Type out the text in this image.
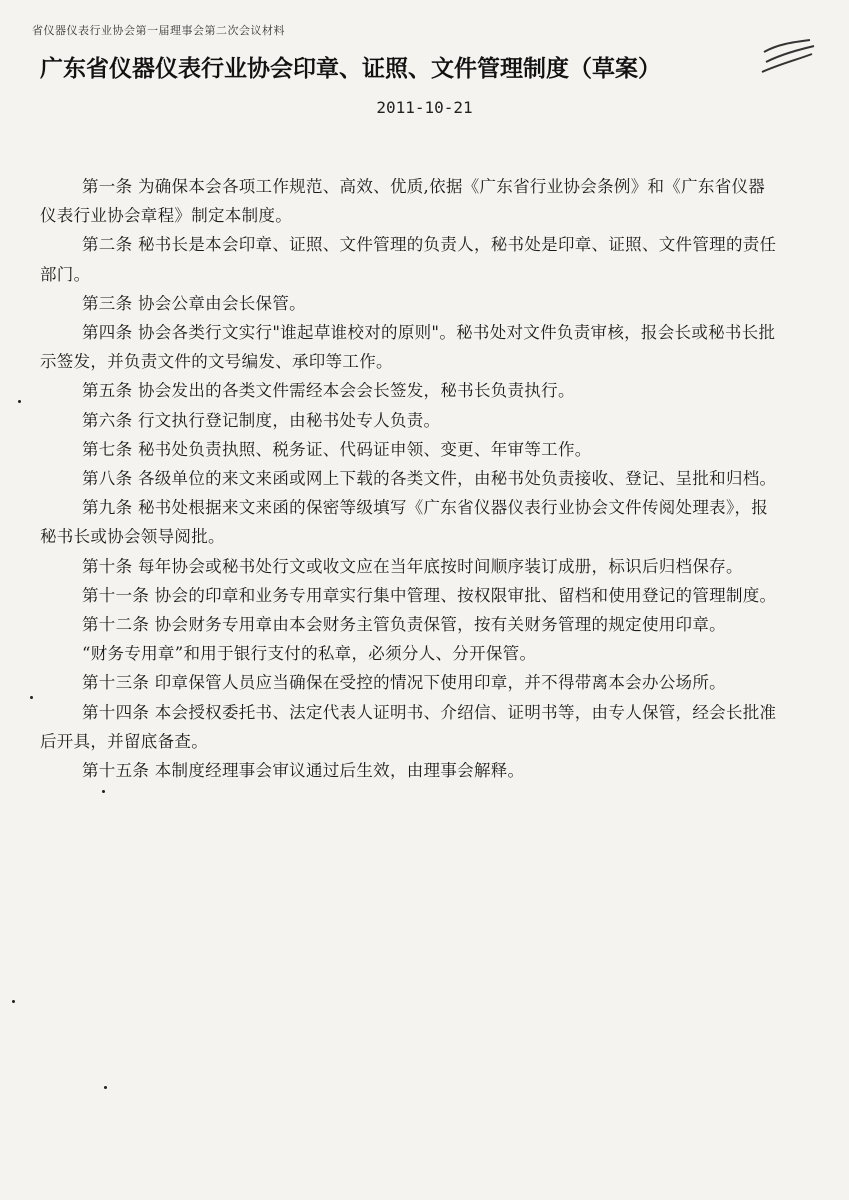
省仪器仪表行业协会第一届理事会第二次会议材料
广东省仪器仪表行业协会印章、证照、文件管理制度（草案）
2011-10-21

第一条 为确保本会各项工作规范、高效、优质,依据《广东省行业协会条例》和《广东省仪器仪表行业协会章程》制定本制度。

第二条 秘书长是本会印章、证照、文件管理的负责人，秘书处是印章、证照、文件管理的责任部门。

第三条 协会公章由会长保管。

第四条 协会各类行文实行"谁起草谁校对的原则"。秘书处对文件负责审核，报会长或秘书长批示签发，并负责文件的文号编发、承印等工作。

第五条 协会发出的各类文件需经本会会长签发，秘书长负责执行。

第六条 行文执行登记制度，由秘书处专人负责。

第七条 秘书处负责执照、税务证、代码证申领、变更、年审等工作。

第八条 各级单位的来文来函或网上下载的各类文件，由秘书处负责接收、登记、呈批和归档。

第九条 秘书处根据来文来函的保密等级填写《广东省仪器仪表行业协会文件传阅处理表》，报秘书长或协会领导阅批。

第十条 每年协会或秘书处行文或收文应在当年底按时间顺序装订成册，标识后归档保存。

第十一条 协会的印章和业务专用章实行集中管理、按权限审批、留档和使用登记的管理制度。

第十二条 协会财务专用章由本会财务主管负责保管，按有关财务管理的规定使用印章。

“财务专用章”和用于银行支付的私章，必须分人、分开保管。

第十三条 印章保管人员应当确保在受控的情况下使用印章，并不得带离本会办公场所。

第十四条 本会授权委托书、法定代表人证明书、介绍信、证明书等，由专人保管，经会长批准后开具，并留底备查。

第十五条 本制度经理事会审议通过后生效，由理事会解释。
